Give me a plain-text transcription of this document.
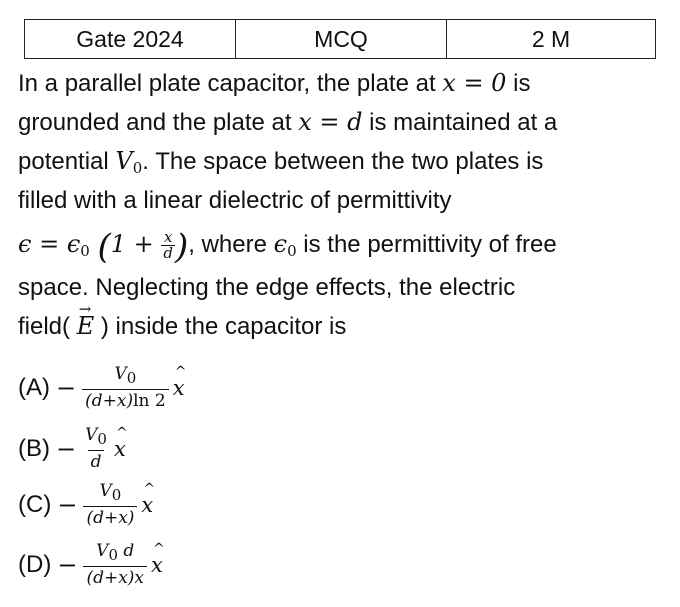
Gate 2024	MCQ	2 M
In a parallel plate capacitor, the plate at x = 0 is
grounded and the plate at x = d is maintained at a
potential $V_0$. The space between the two plates is
filled with a linear dielectric of permittivity
$\epsilon = \epsilon_0$ ($1 + \frac{x}{d}$ ), where $\epsilon_0$ is the permittivity of free
space. Neglecting the edge effects, the electric
field( → E ) inside the capacitor is
$(A) - \frac{V0}{(d+x)\ln 2}$ ^ x
$(B) - \frac{V0}{d}$ ^ x
$(C) - \frac{V0}{(d+x)}$ ^ x
$(D) - \frac{V0 d}{(d+x)x}$ ^ x
